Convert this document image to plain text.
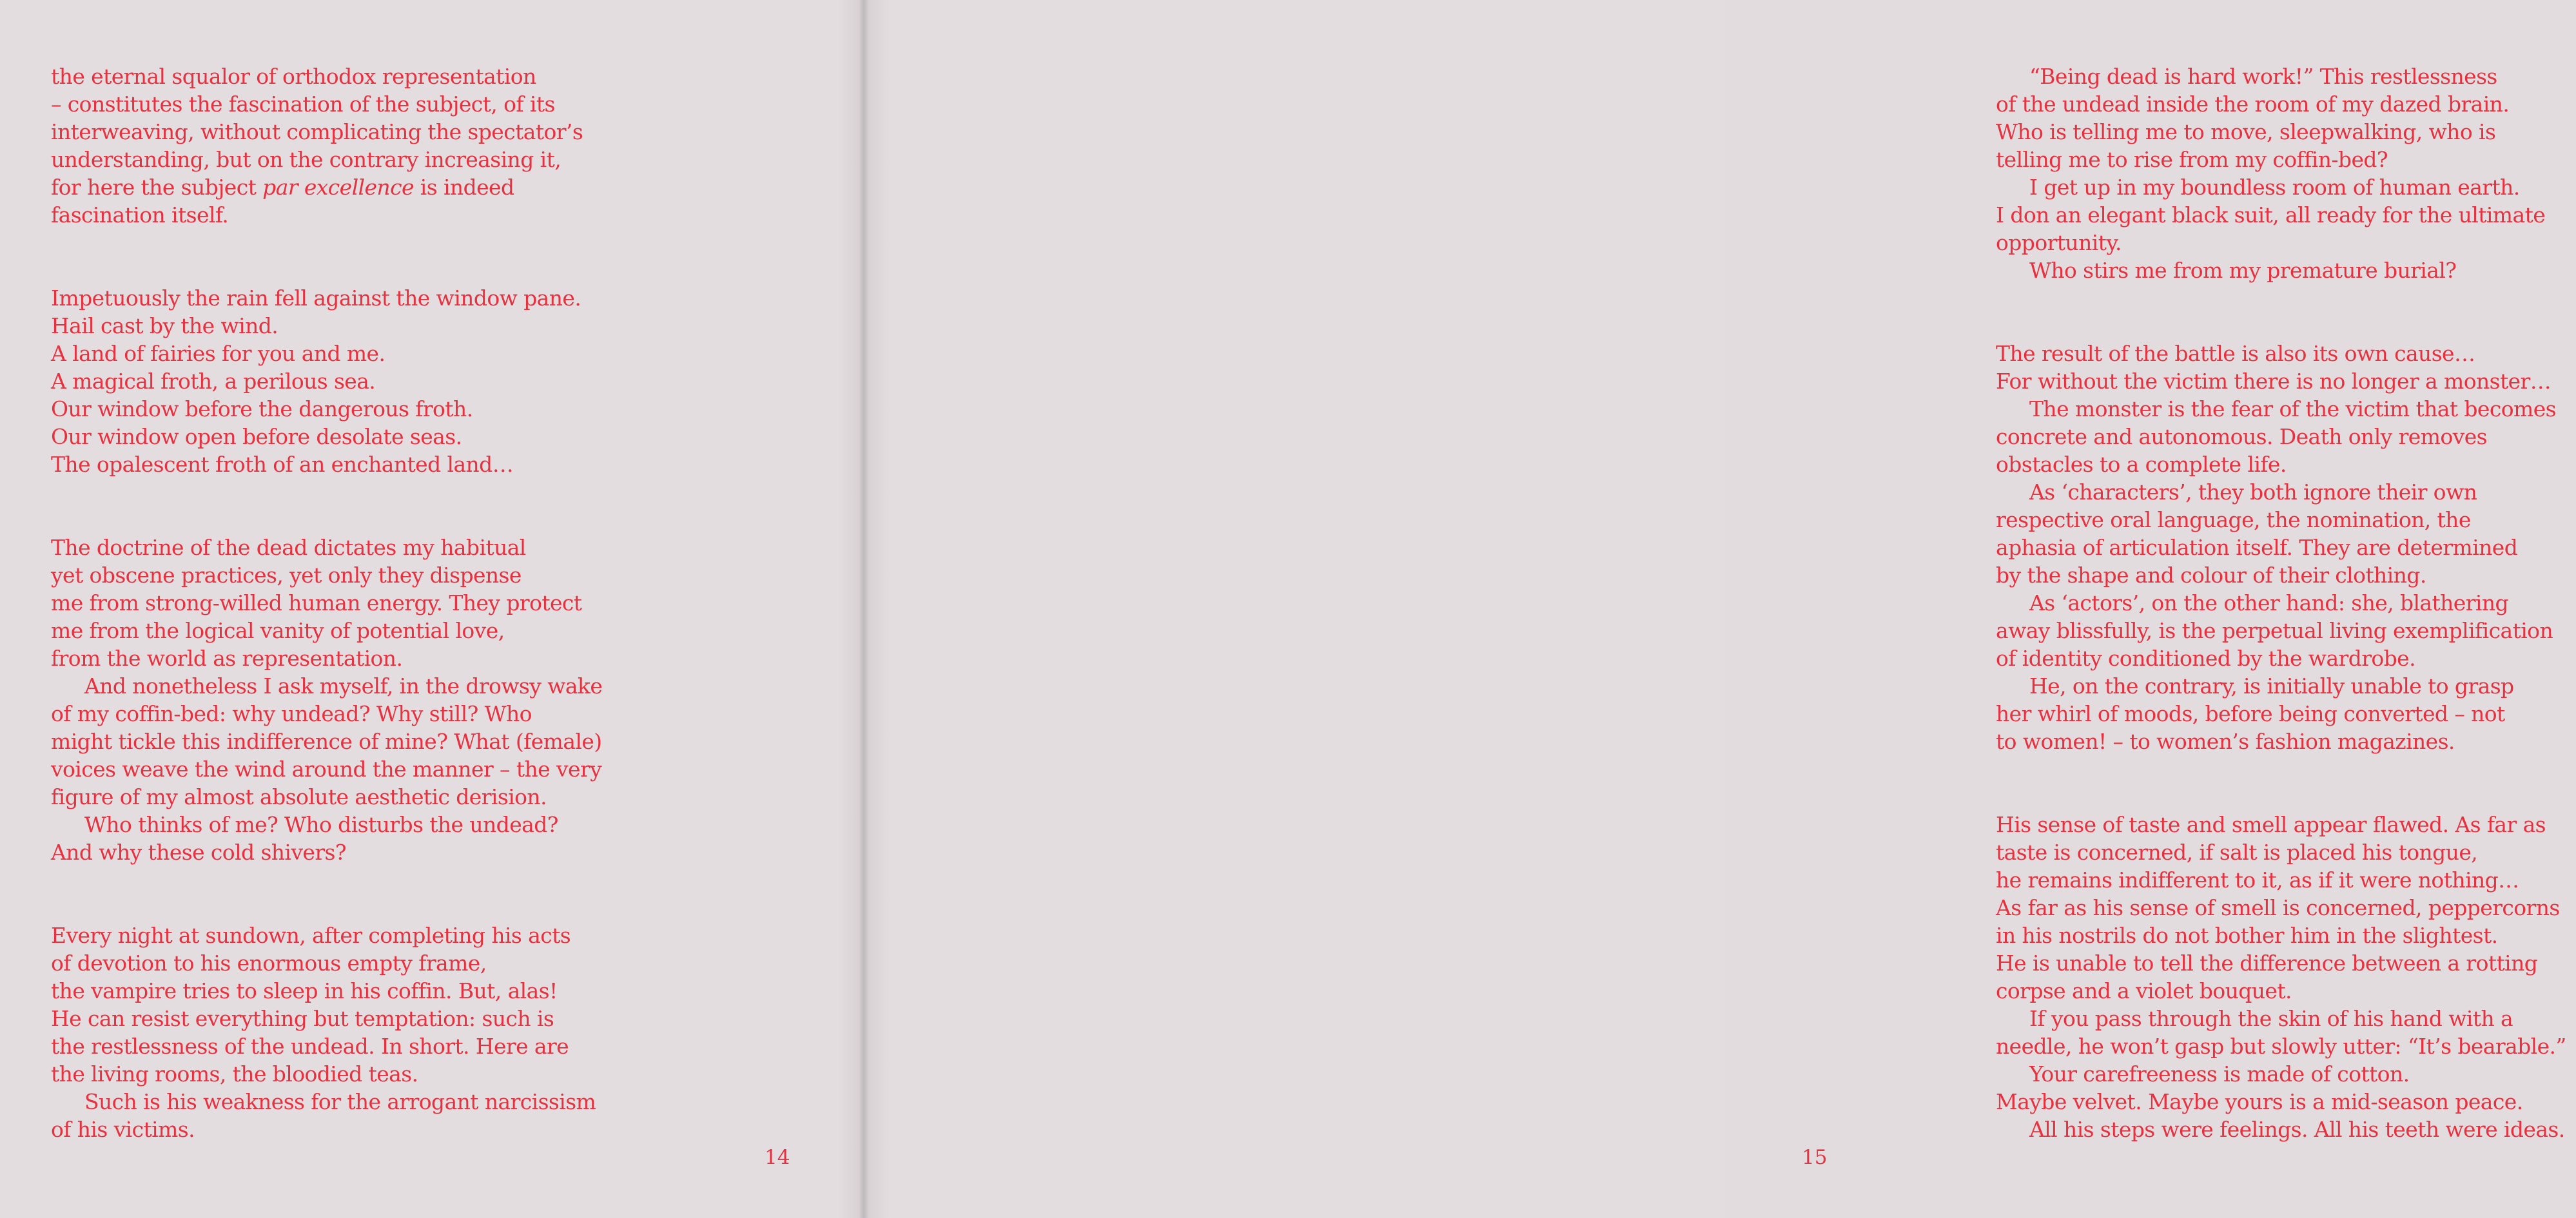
the eternal squalor of orthodox representation
– constitutes the fascination of the subject, of its
interweaving, without complicating the spectator’s
understanding, but on the contrary increasing it,
for here the subject par excellence is indeed
fascination itself.
Impetuously the rain fell against the window pane.
Hail cast by the wind.
A land of fairies for you and me.
A magical froth, a perilous sea.
Our window before the dangerous froth.
Our window open before desolate seas.
The opalescent froth of an enchanted land…
The doctrine of the dead dictates my habitual
yet obscene practices, yet only they dispense
me from strong-willed human energy. They protect
me from the logical vanity of potential love,
from the world as representation.
And nonetheless I ask myself, in the drowsy wake
of my coffin-bed: why undead? Why still? Who
might tickle this indifference of mine? What (female)
voices weave the wind around the manner – the very
figure of my almost absolute aesthetic derision.
Who thinks of me? Who disturbs the undead?
And why these cold shivers?
Every night at sundown, after completing his acts
of devotion to his enormous empty frame,
the vampire tries to sleep in his coffin. But, alas!
He can resist everything but temptation: such is
the restlessness of the undead. In short. Here are
the living rooms, the bloodied teas.
Such is his weakness for the arrogant narcissism
of his victims.
14
“Being dead is hard work!” This restlessness
of the undead inside the room of my dazed brain.
Who is telling me to move, sleepwalking, who is
telling me to rise from my coffin-bed?
I get up in my boundless room of human earth.
I don an elegant black suit, all ready for the ultimate
opportunity.
Who stirs me from my premature burial?
The result of the battle is also its own cause…
For without the victim there is no longer a monster…
The monster is the fear of the victim that becomes
concrete and autonomous. Death only removes
obstacles to a complete life.
As ‘characters’, they both ignore their own
respective oral language, the nomination, the
aphasia of articulation itself. They are determined
by the shape and colour of their clothing.
As ‘actors’, on the other hand: she, blathering
away blissfully, is the perpetual living exemplification
of identity conditioned by the wardrobe.
He, on the contrary, is initially unable to grasp
her whirl of moods, before being converted – not
to women! – to women’s fashion magazines.
His sense of taste and smell appear flawed. As far as
taste is concerned, if salt is placed his tongue,
he remains indifferent to it, as if it were nothing…
As far as his sense of smell is concerned, peppercorns
in his nostrils do not bother him in the slightest.
He is unable to tell the difference between a rotting
corpse and a violet bouquet.
If you pass through the skin of his hand with a
needle, he won’t gasp but slowly utter: “It’s bearable.”
Your carefreeness is made of cotton.
Maybe velvet. Maybe yours is a mid-season peace.
All his steps were feelings. All his teeth were ideas.
15
